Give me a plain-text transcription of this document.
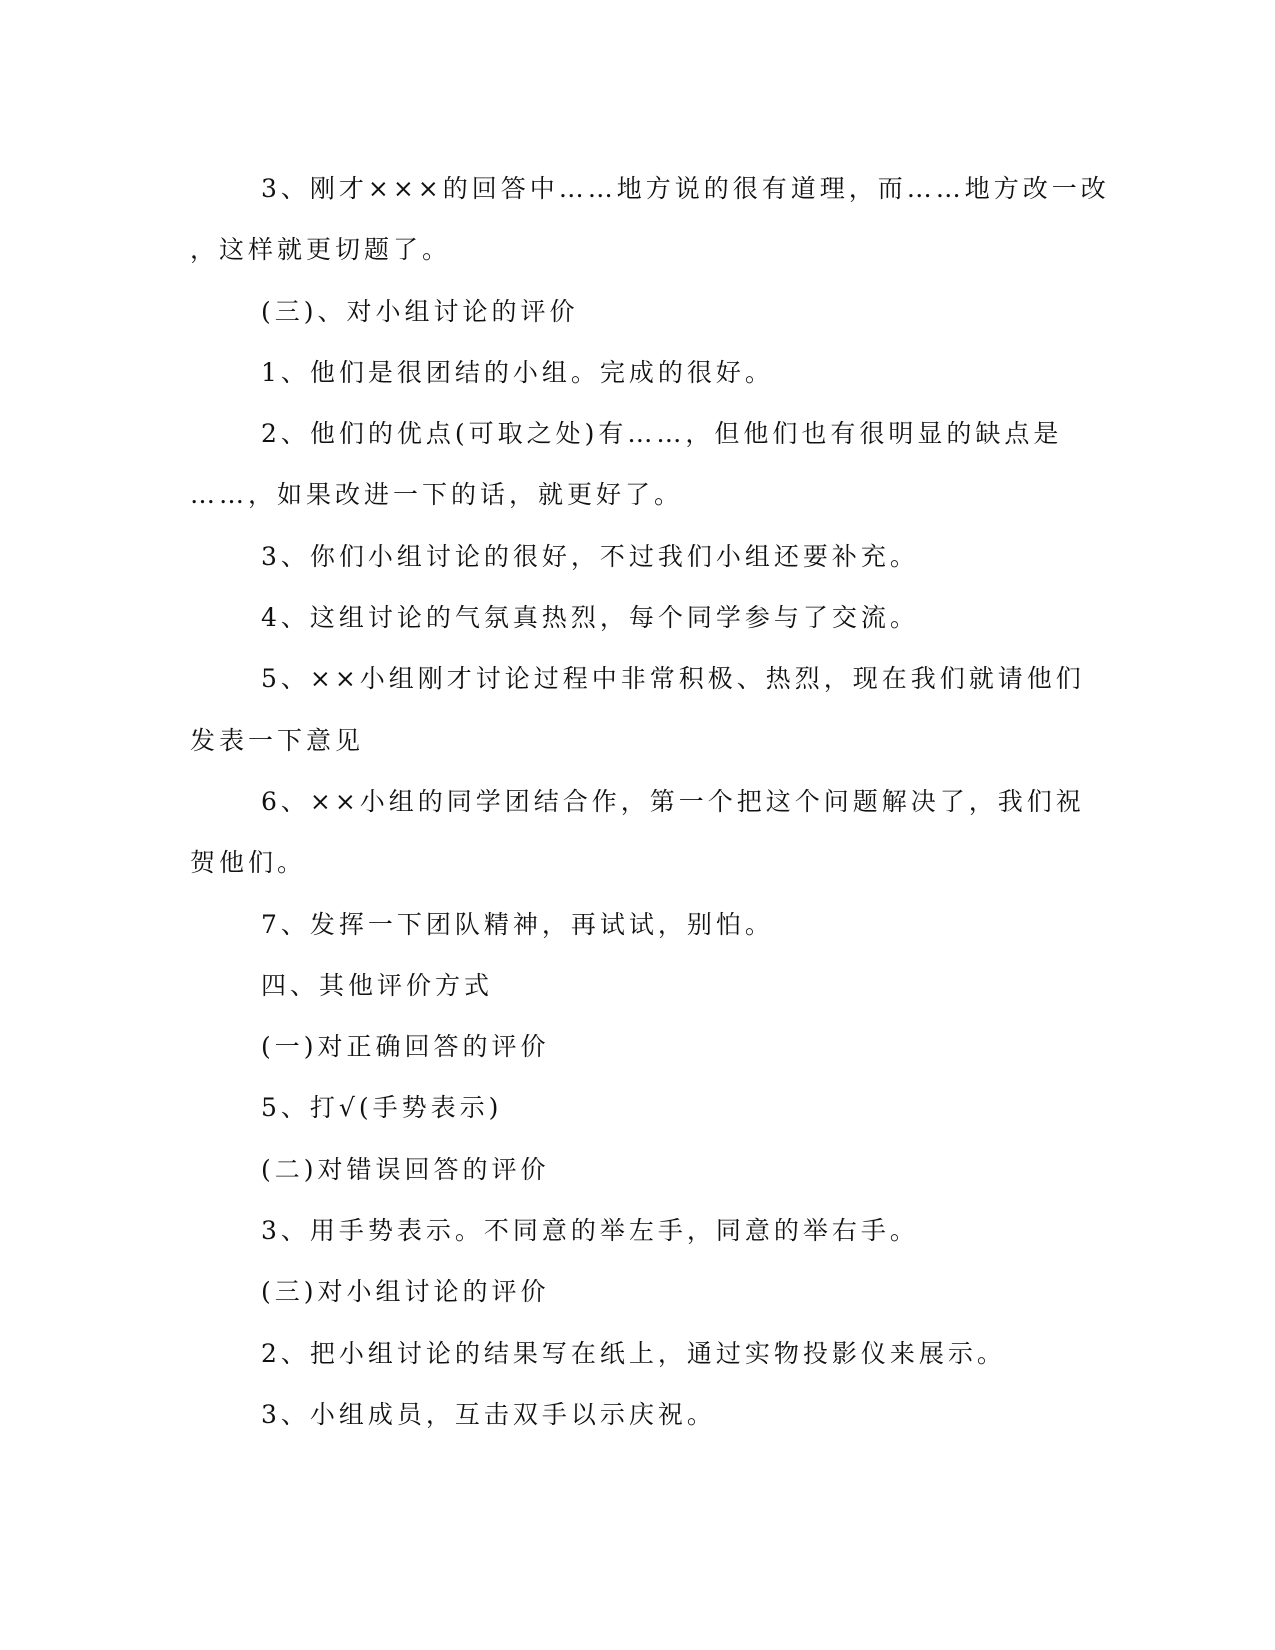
3、刚才×××的回答中……地方说的很有道理，而……地方改一改
，这样就更切题了。
(三)、对小组讨论的评价
1、他们是很团结的小组。完成的很好。
2、他们的优点(可取之处)有……，但他们也有很明显的缺点是
……，如果改进一下的话，就更好了。
3、你们小组讨论的很好，不过我们小组还要补充。
4、这组讨论的气氛真热烈，每个同学参与了交流。
5、××小组刚才讨论过程中非常积极、热烈，现在我们就请他们
发表一下意见
6、××小组的同学团结合作，第一个把这个问题解决了，我们祝
贺他们。
7、发挥一下团队精神，再试试，别怕。
四、其他评价方式
(一)对正确回答的评价
5、打√(手势表示)
(二)对错误回答的评价
3、用手势表示。不同意的举左手，同意的举右手。
(三)对小组讨论的评价
2、把小组讨论的结果写在纸上，通过实物投影仪来展示。
3、小组成员，互击双手以示庆祝。
